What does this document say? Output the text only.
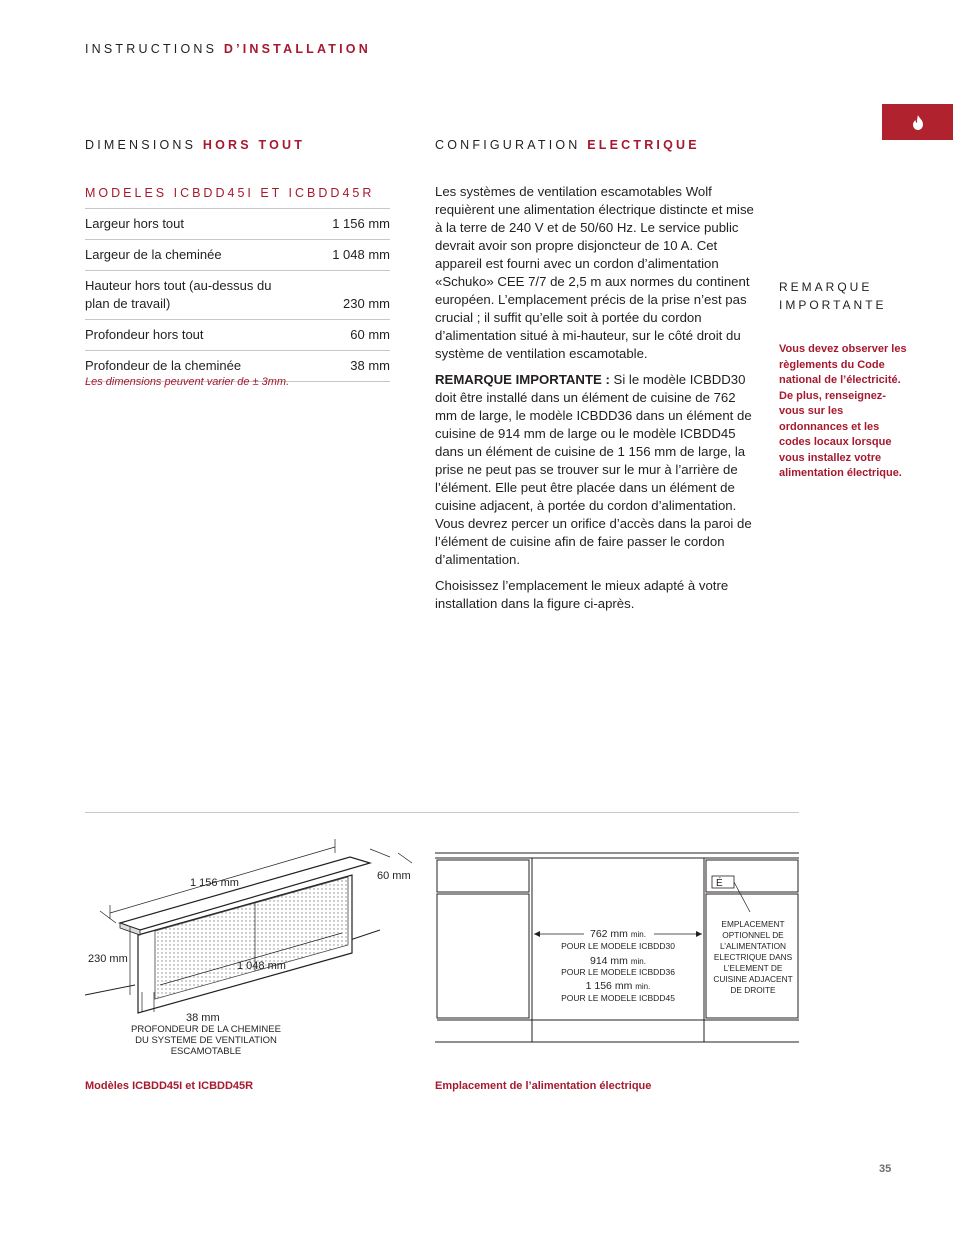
INSTRUCTIONS D’INSTALLATION
DIMENSIONS HORS TOUT
MODELES ICBDD45I ET ICBDD45R
Largeur hors tout	1 156 mm
Largeur de la cheminée	1 048 mm
Hauteur hors tout (au-dessus du plan de travail)	230 mm
Profondeur hors tout	60 mm
Profondeur de la cheminée	38 mm
Les dimensions peuvent varier de ± 3mm.
CONFIGURATION ELECTRIQUE

Les systèmes de ventilation escamotables Wolf requièrent une alimentation électrique distincte et mise à la terre de 240 V et de 50/60 Hz. Le service public devrait avoir son propre disjoncteur de 10 A. Cet appareil est fourni avec un cordon d’alimentation «Schuko» CEE 7/7 de 2,5 m aux normes du continent européen. L’emplacement précis de la prise n’est pas crucial ; il suffit qu’elle soit à portée du cordon d’alimentation situé à mi-hauteur, sur le côté droit du système de ventilation escamotable.

REMARQUE IMPORTANTE : Si le modèle ICBDD30 doit être installé dans un élément de cuisine de 762 mm de large, le modèle ICBDD36 dans un élément de cuisine de 914 mm de large ou le modèle ICBDD45 dans un élément de cuisine de 1 156 mm de large, la prise ne peut pas se trouver sur le mur à l’arrière de l’élément. Elle peut être placée dans un élément de cuisine adjacent, à portée du cordon d’alimentation. Vous devrez percer un orifice d’accès dans la paroi de l’élément de cuisine afin de faire passer le cordon d’alimentation.

Choisissez l’emplacement le mieux adapté à votre installation dans la figure ci-après.

REMARQUE IMPORTANTE
Vous devez observer les règlements du Code national de l’électricité. De plus, renseignez-vous sur les ordonnances et les codes locaux lorsque vous installez votre alimentation électrique.
1 156 mm
60 mm
230 mm
1 048 mm
38 mm
PROFONDEUR DE LA CHEMINEE
DU SYSTEME DE VENTILATION
ESCAMOTABLE
Modèles ICBDD45I et ICBDD45R
É
EMPLACEMENT
OPTIONNEL DE
L’ALIMENTATION
ELECTRIQUE DANS
L’ELEMENT DE
CUISINE ADJACENT
DE DROITE
762 mm min.
POUR LE MODELE ICBDD30
914 mm min.
POUR LE MODELE ICBDD36
1 156 mm min.
POUR LE MODELE ICBDD45
Emplacement de l’alimentation électrique
35
